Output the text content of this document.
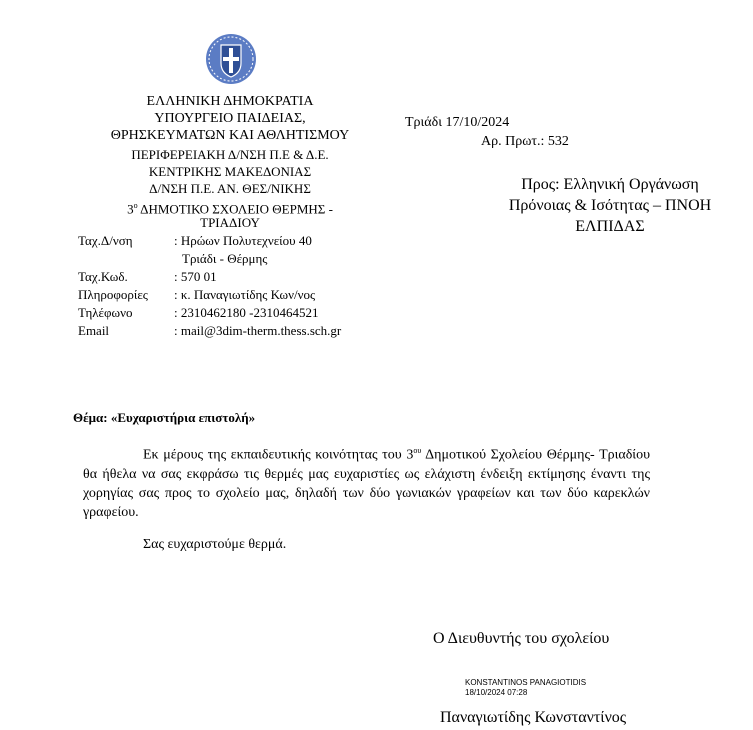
ΕΛΛΗΝΙΚΗ ΔΗΜΟΚΡΑΤΙΑ
ΥΠΟΥΡΓΕΙΟ ΠΑΙΔΕΙΑΣ,
ΘΡΗΣΚΕΥΜΑΤΩΝ ΚΑΙ ΑΘΛΗΤΙΣΜΟΥ
ΠΕΡΙΦΕΡΕΙΑΚΗ Δ/ΝΣΗ Π.Ε & Δ.Ε.
ΚΕΝΤΡΙΚΗΣ ΜΑΚΕΔΟΝΙΑΣ
Δ/ΝΣΗ Π.Ε. ΑΝ. ΘΕΣ/ΝΙΚΗΣ
$3^o$ ΔΗΜΟΤΙΚΟ ΣΧΟΛΕΙΟ ΘΕΡΜΗΣ -
ΤΡΙΑΔΙΟΥ
Ταχ.Δ/νση	: Ηρώων Πολυτεχνείου 40
Τριάδι - Θέρμης
Ταχ.Κωδ.	: 570 01
Πληροφορίες : κ. Παναγιωτίδης Κων/νος
Τηλέφωνο	: 2310462180 -2310464521
Email	: mail@3dim-therm.thess.sch.gr
Τριάδι 17/10/2024
Αρ. Πρωτ.: 532
Προς: Ελληνική Οργάνωση
Πρόνοιας & Ισότητας – ΠΝΟΗ
ΕΛΠΙΔΑΣ
Θέμα: «Ευχαριστήρια επιστολή»
Εκ μέρους της εκπαιδευτικής κοινότητας του $3^{o\upsilon}$ Δημοτικού Σχολείου Θέρμης- Τριαδίου θα ήθελα να σας εκφράσω τις θερμές μας ευχαριστίες ως ελάχιστη ένδειξη εκτίμησης έναντι της χορηγίας σας προς το σχολείο μας, δηλαδή των δύο γωνιακών γραφείων και των δύο καρεκλών γραφείου.
Σας ευχαριστούμε θερμά.
Ο Διευθυντής του σχολείου
KONSTANTINOS PANAGIOTIDIS
18/10/2024 07:28
Παναγιωτίδης Κωνσταντίνος
